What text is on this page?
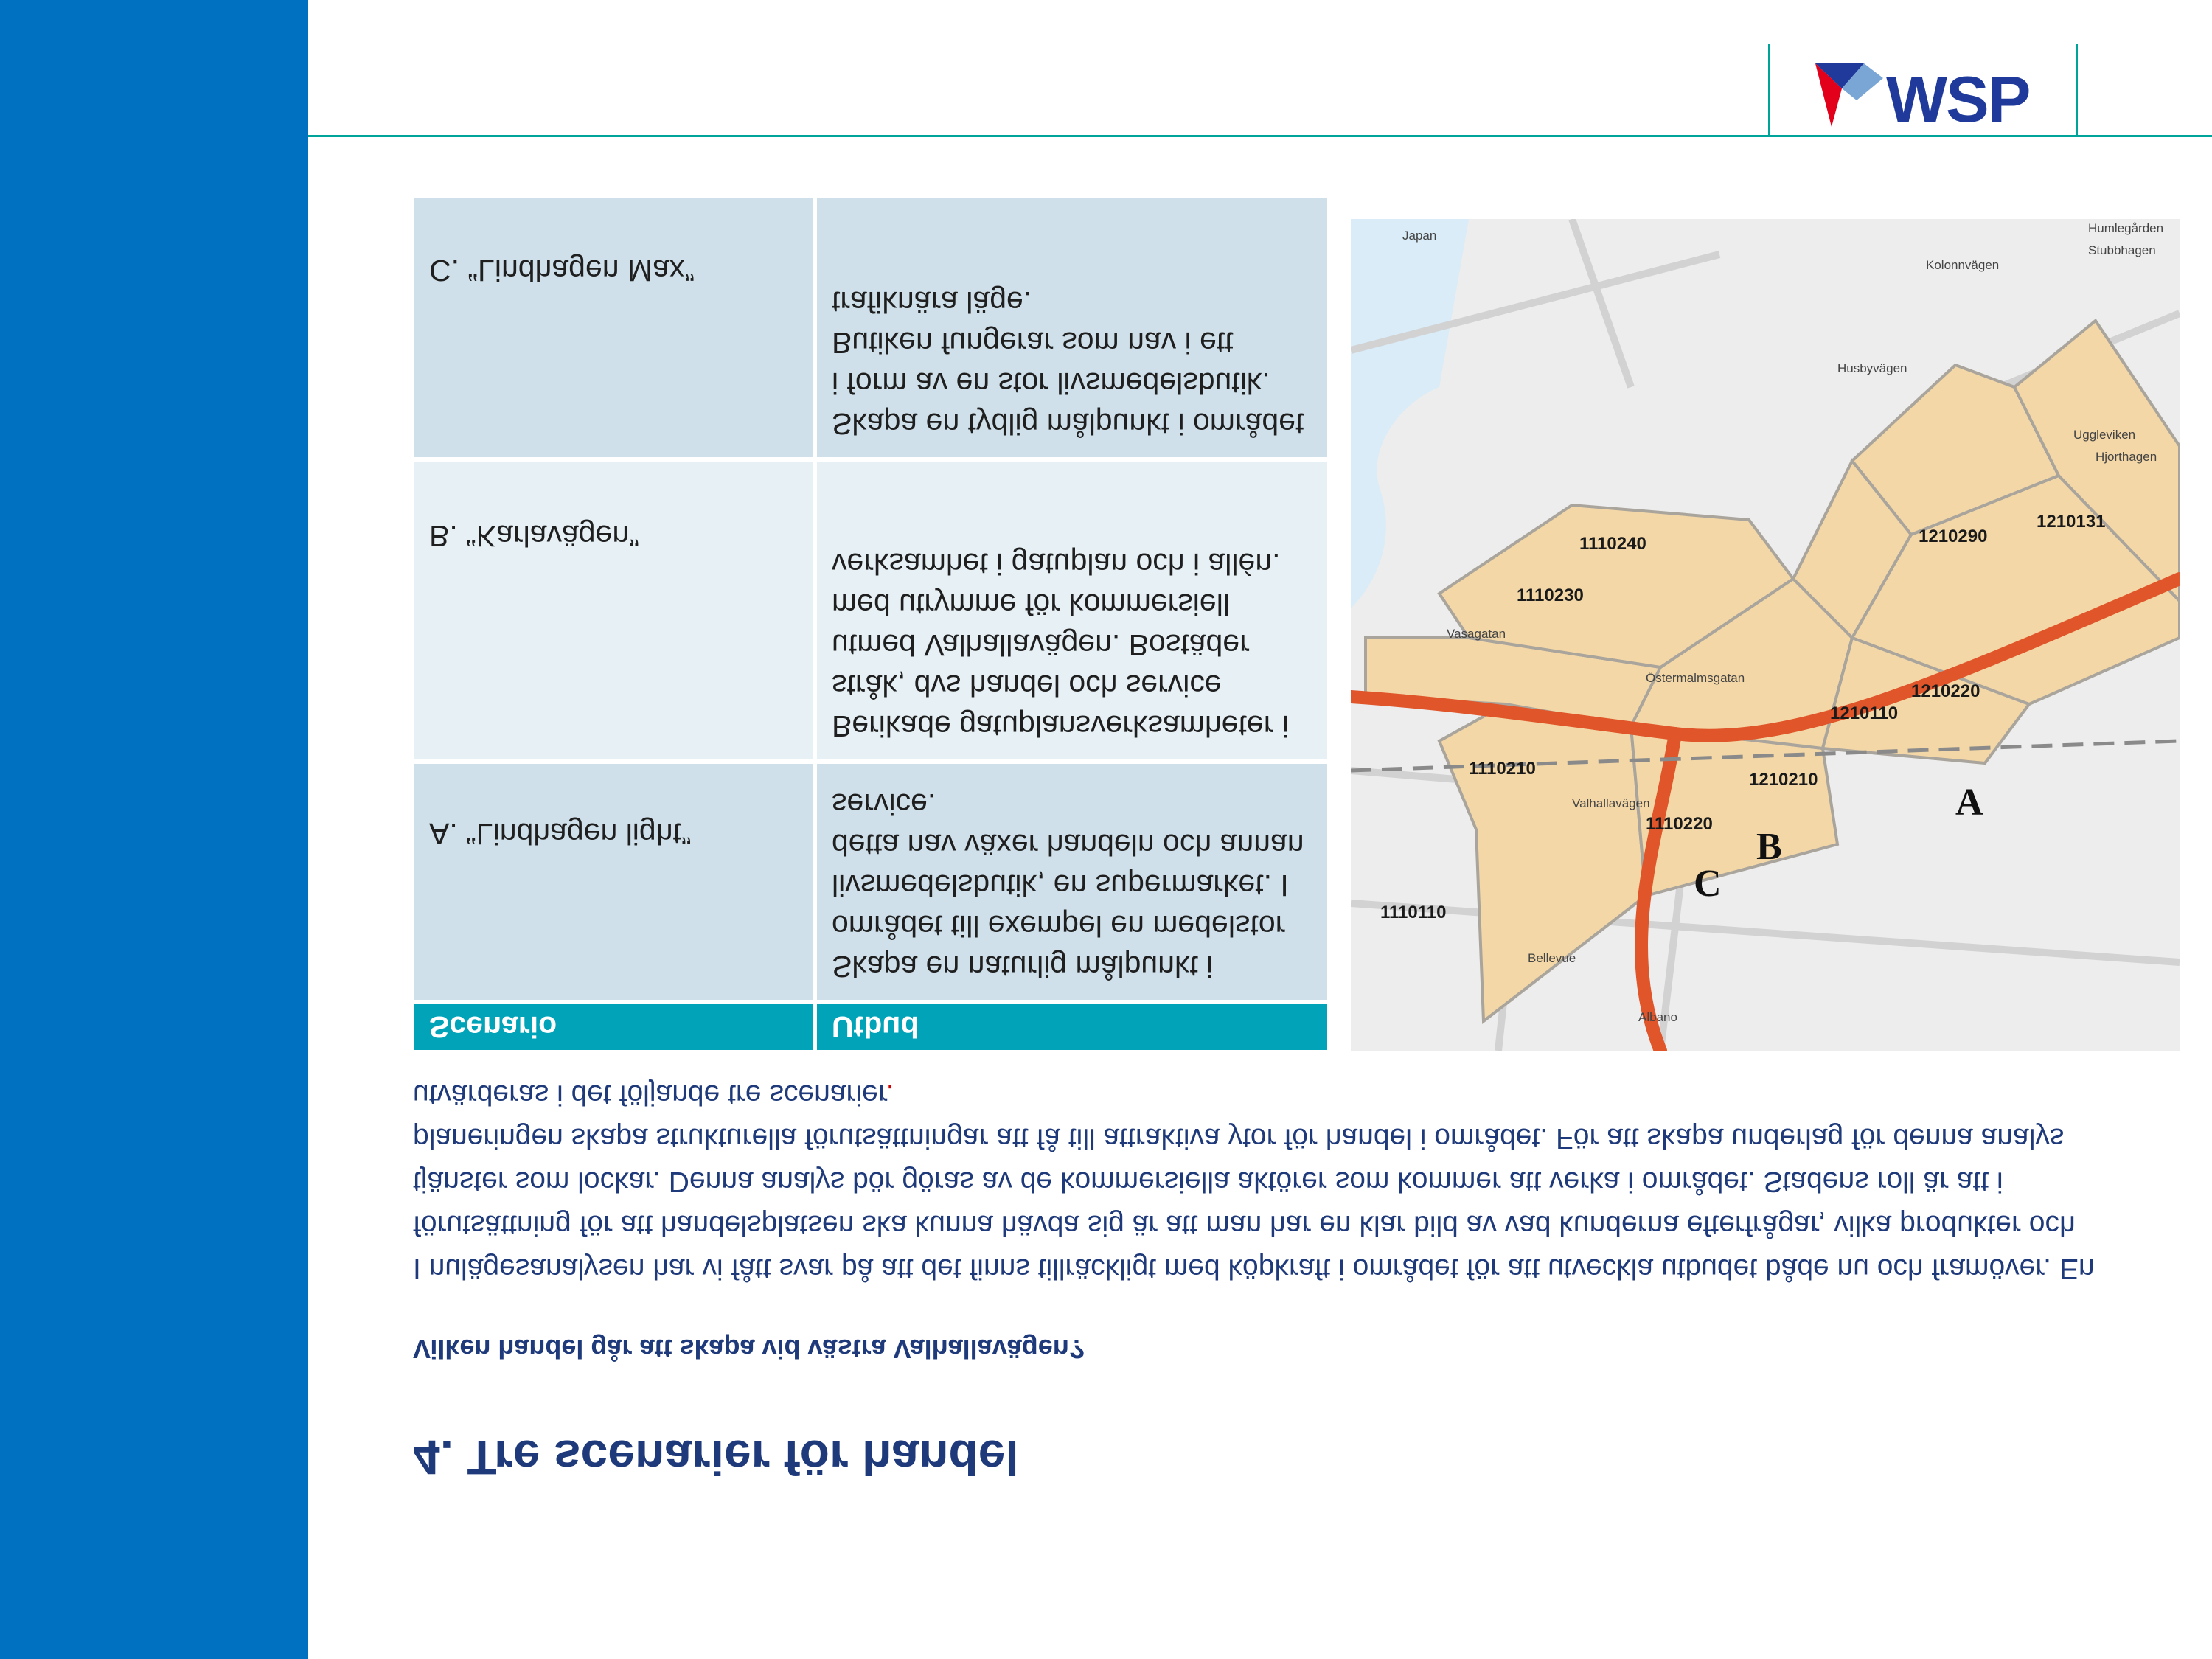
4. Tre scenarier för handel

Vilken handel går att skapa vid västra Valhallavägen?

I nulägesanalysen har vi fått svar på att det finns tillräckligt med köpkraft i området för att utveckla utbudet både nu och framöver. En förutsättning för att handelsplatsen ska kunna hävda sig är att man har en klar bild av vad kunderna efterfrågar, vilka produkter och tjänster som lockar. Denna analys bör göras av de kommersiella aktörer som kommer att verka i området. Stadens roll är att i planeringen skapa strukturella förutsättningar att få till attraktiva ytor för handel i området. För att skapa underlag för denna analys utvärderas i det följande tre scenarier.

Scenario	Utbud

A. “Lindhagen light”	Skapa en naturlig målpunkt i området till exempel en medelstor livsmedelsbutik, en supermarket. I detta nav växer handeln och annan service.

B. “Karlavägen”	Berikade gatuplansverksamheter i stråk, dvs handel och service utmed Valhallavägen. Bostäder med utrymme för kommersiell verksamhet i gatuplan och i allén.

C. “Lindhagen Max”	Skapa en tydlig målpunkt i området i form av en stor livsmedelsbutik. Butiken fungerar som nav i ett trafiknära läge.
1110240	1210290
1210131
1110230
1210110
1210220
1110110
1110220
1110210
1210210
A
B
C
Vasagatan
Östermalmsgatan
Valhallavägen
Bellevue
Albano
Uggleviken
Stubbhagen
Kolonnvägen
Japan
Hjorthagen
Husbyvägen
Humlegården
WSP
